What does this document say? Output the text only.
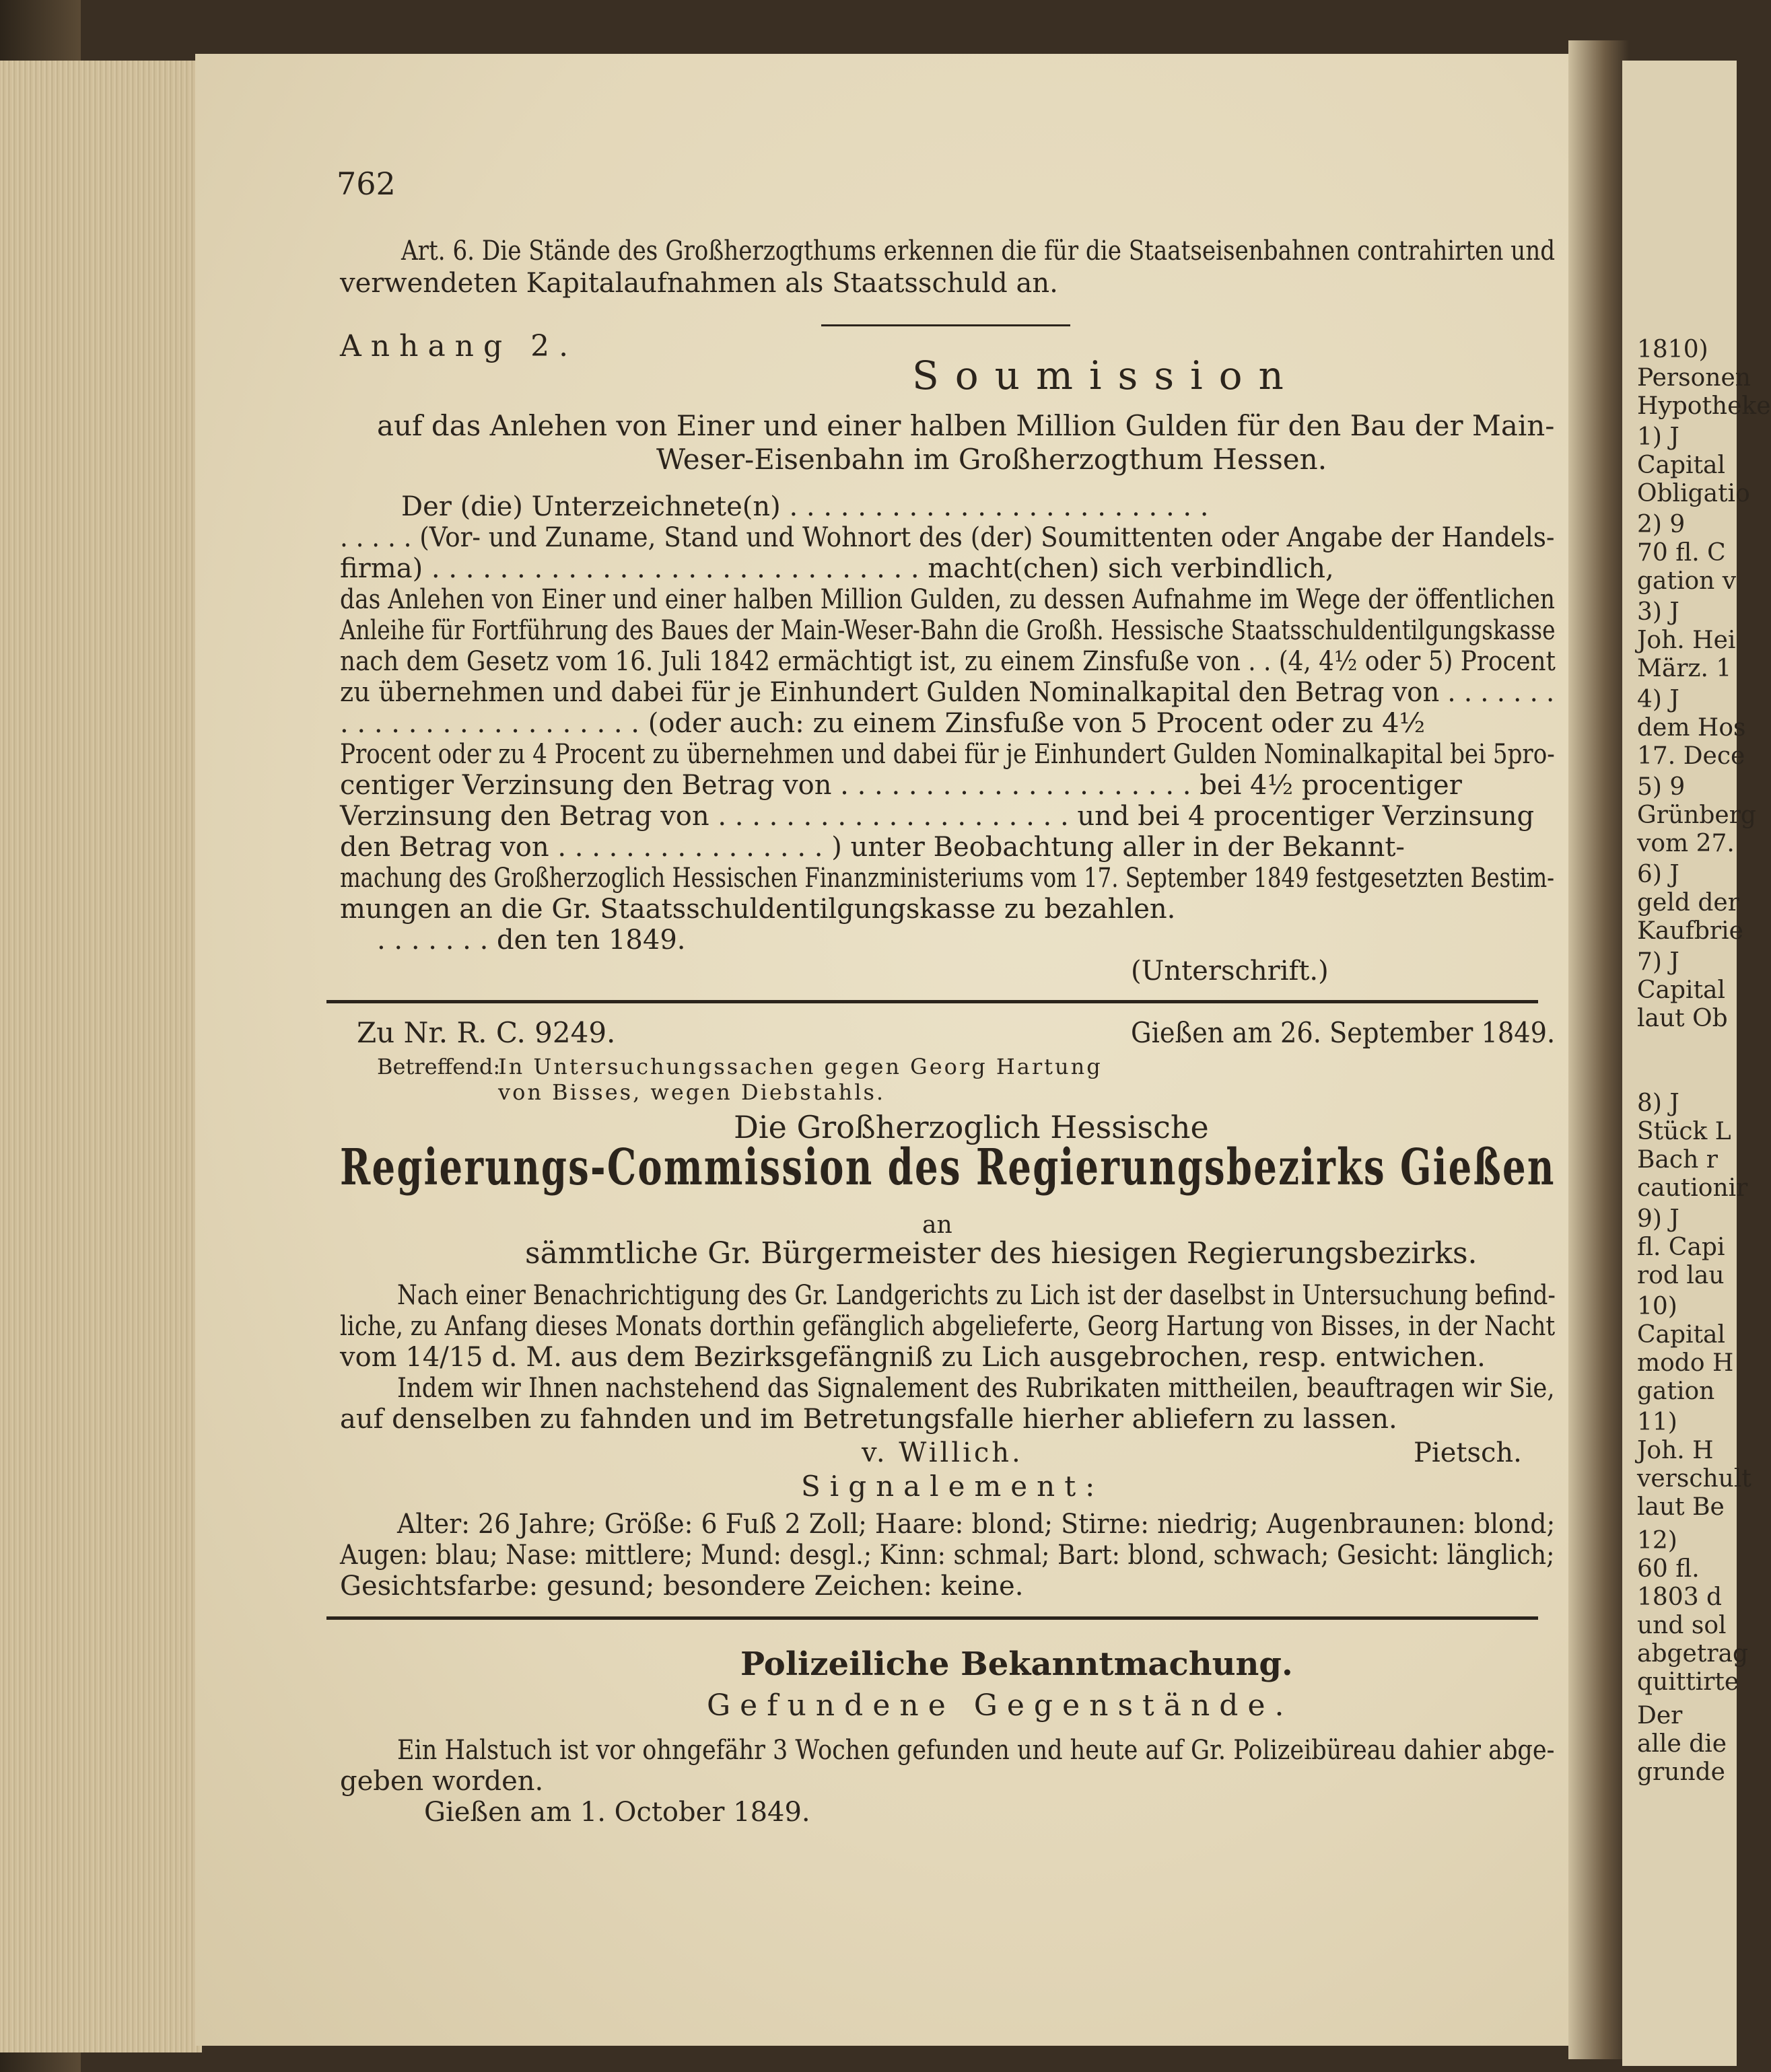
762
Art. 6. Die Stände des Großherzogthums erkennen die für die Staatseisenbahnen contrahirten und
verwendeten Kapitalaufnahmen als Staatsschuld an.
Anhang 2.
Soumission
auf das Anlehen von Einer und einer halben Million Gulden für den Bau der Main-
Weser-Eisenbahn im Großherzogthum Hessen.
Der (die) Unterzeichnete(n) . . . . . . . . . . . . . . . . . . . . . . . . .
. . . . . (Vor- und Zuname, Stand und Wohnort des (der) Soumittenten oder Angabe der Handels-
firma) . . . . . . . . . . . . . . . . . . . . . . . . . . . . . macht(chen) sich verbindlich,
das Anlehen von Einer und einer halben Million Gulden, zu dessen Aufnahme im Wege der öffentlichen
Anleihe für Fortführung des Baues der Main-Weser-Bahn die Großh. Hessische Staatsschuldentilgungskasse
nach dem Gesetz vom 16. Juli 1842 ermächtigt ist, zu einem Zinsfuße von . . (4, 4½ oder 5) Procent
zu übernehmen und dabei für je Einhundert Gulden Nominalkapital den Betrag von . . . . . . .
. . . . . . . . . . . . . . . . . . (oder auch: zu einem Zinsfuße von 5 Procent oder zu 4½
Procent oder zu 4 Procent zu übernehmen und dabei für je Einhundert Gulden Nominalkapital bei 5pro-
centiger Verzinsung den Betrag von . . . . . . . . . . . . . . . . . . . . . bei 4½ procentiger
Verzinsung den Betrag von . . . . . . . . . . . . . . . . . . . . . und bei 4 procentiger Verzinsung
den Betrag von . . . . . . . . . . . . . . . . ) unter Beobachtung aller in der Bekannt-
machung des Großherzoglich Hessischen Finanzministeriums vom 17. September 1849 festgesetzten Bestim-
mungen an die Gr. Staatsschuldentilgungskasse zu bezahlen.
. . . . . . . den ten 1849.
(Unterschrift.)
Zu Nr. R. C. 9249.	Gießen am 26. September 1849.
Betreffend:
In Untersuchungssachen gegen Georg Hartung
von Bisses, wegen Diebstahls.
Die Großherzoglich Hessische
Regierungs-Commission des Regierungsbezirks Gießen
an
sämmtliche Gr. Bürgermeister des hiesigen Regierungsbezirks.
Nach einer Benachrichtigung des Gr. Landgerichts zu Lich ist der daselbst in Untersuchung befind-
liche, zu Anfang dieses Monats dorthin gefänglich abgelieferte, Georg Hartung von Bisses, in der Nacht
vom 14/15 d. M. aus dem Bezirksgefängniß zu Lich ausgebrochen, resp. entwichen.
Indem wir Ihnen nachstehend das Signalement des Rubrikaten mittheilen, beauftragen wir Sie,
auf denselben zu fahnden und im Betretungsfalle hierher abliefern zu lassen.
v. Willich.	Pietsch.
Signalement:
Alter: 26 Jahre; Größe: 6 Fuß 2 Zoll; Haare: blond; Stirne: niedrig; Augenbraunen: blond;
Augen: blau; Nase: mittlere; Mund: desgl.; Kinn: schmal; Bart: blond, schwach; Gesicht: länglich;
Gesichtsfarbe: gesund; besondere Zeichen: keine.
Polizeiliche Bekanntmachung.
Gefundene Gegenstände.
Ein Halstuch ist vor ohngefähr 3 Wochen gefunden und heute auf Gr. Polizeibüreau dahier abge-
geben worden.
Gießen am 1. October 1849.
1810)
Personen
Hypotheke
1) J
Capital
Obligatio
2) 9
70 fl. C
gation v
3) J
Joh. Hei
März. 1
4) J
dem Hos
17. Dece
5) 9
Grünberg
vom 27.
6) J
geld der
Kaufbrie
7) J
Capital
laut Ob
8) J
Stück L
Bach r
cautionir
9) J
fl. Capi
rod lau
10)
Capital
modo H
gation
11)
Joh. H
verschult
laut Be
12)
60 fl.
1803 d
und sol
abgetrag
quittirte
Der
alle die
grunde
